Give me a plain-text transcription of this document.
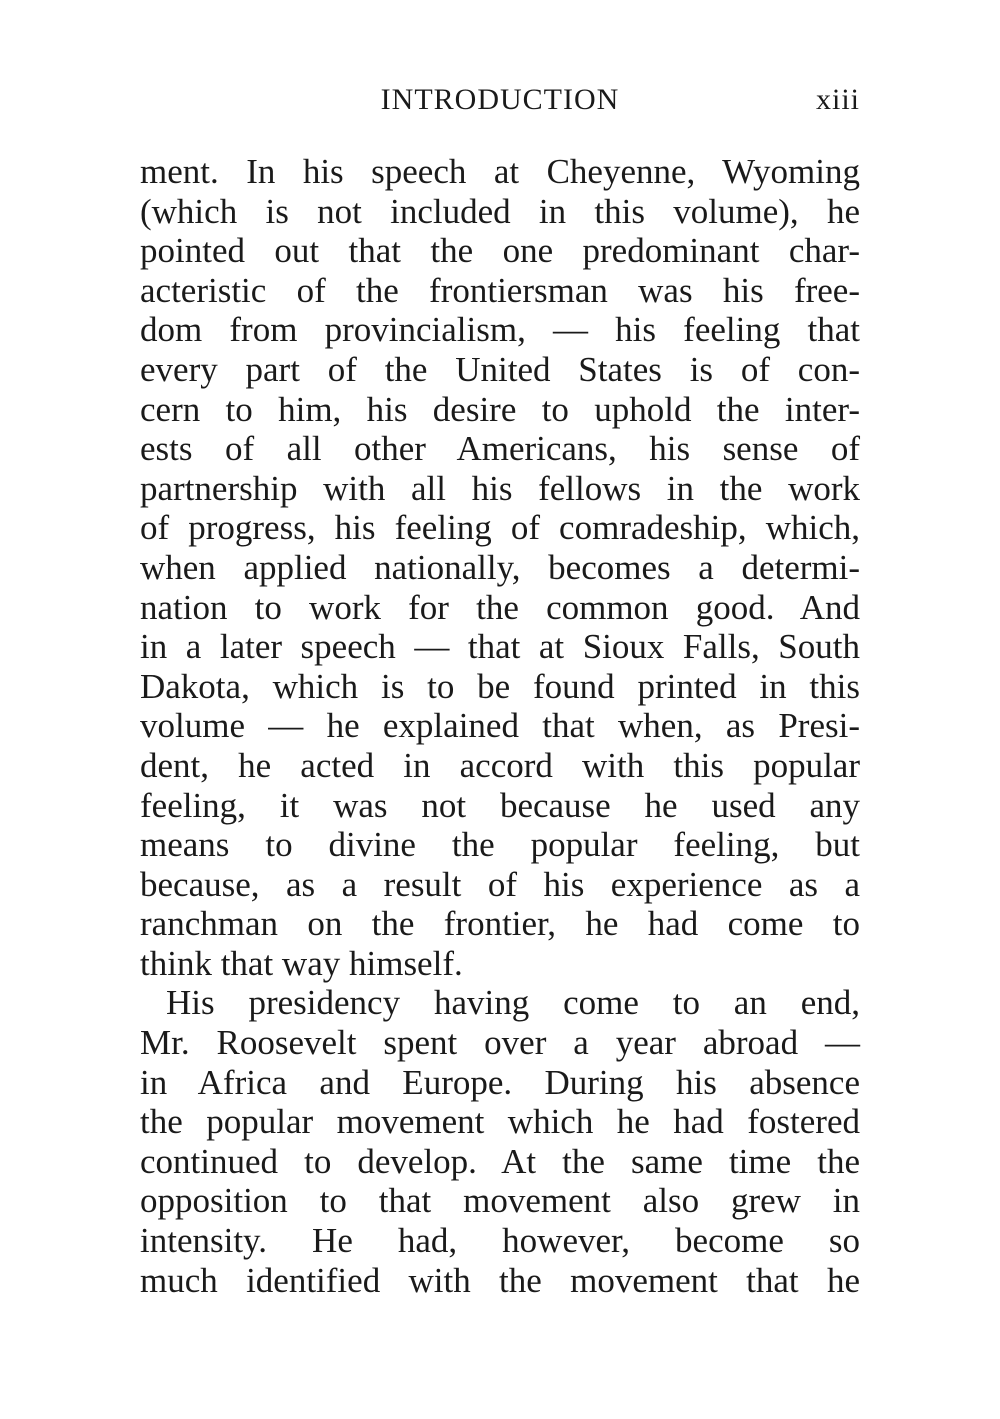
INTRODUCTION	xiii
ment. In his speech at Cheyenne, Wyoming
(which is not included in this volume), he
pointed out that the one predominant char-
acteristic of the frontiersman was his free-
dom from provincialism, — his feeling that
every part of the United States is of con-
cern to him, his desire to uphold the inter-
ests of all other Americans, his sense of
partnership with all his fellows in the work
of progress, his feeling of comradeship, which,
when applied nationally, becomes a determi-
nation to work for the common good. And
in a later speech — that at Sioux Falls, South
Dakota, which is to be found printed in this
volume — he explained that when, as Presi-
dent, he acted in accord with this popular
feeling, it was not because he used any
means to divine the popular feeling, but
because, as a result of his experience as a
ranchman on the frontier, he had come to
think that way himself.
His presidency having come to an end,
Mr. Roosevelt spent over a year abroad —
in Africa and Europe. During his absence
the popular movement which he had fostered
continued to develop. At the same time the
opposition to that movement also grew in
intensity. He had, however, become so
much identified with the movement that he
